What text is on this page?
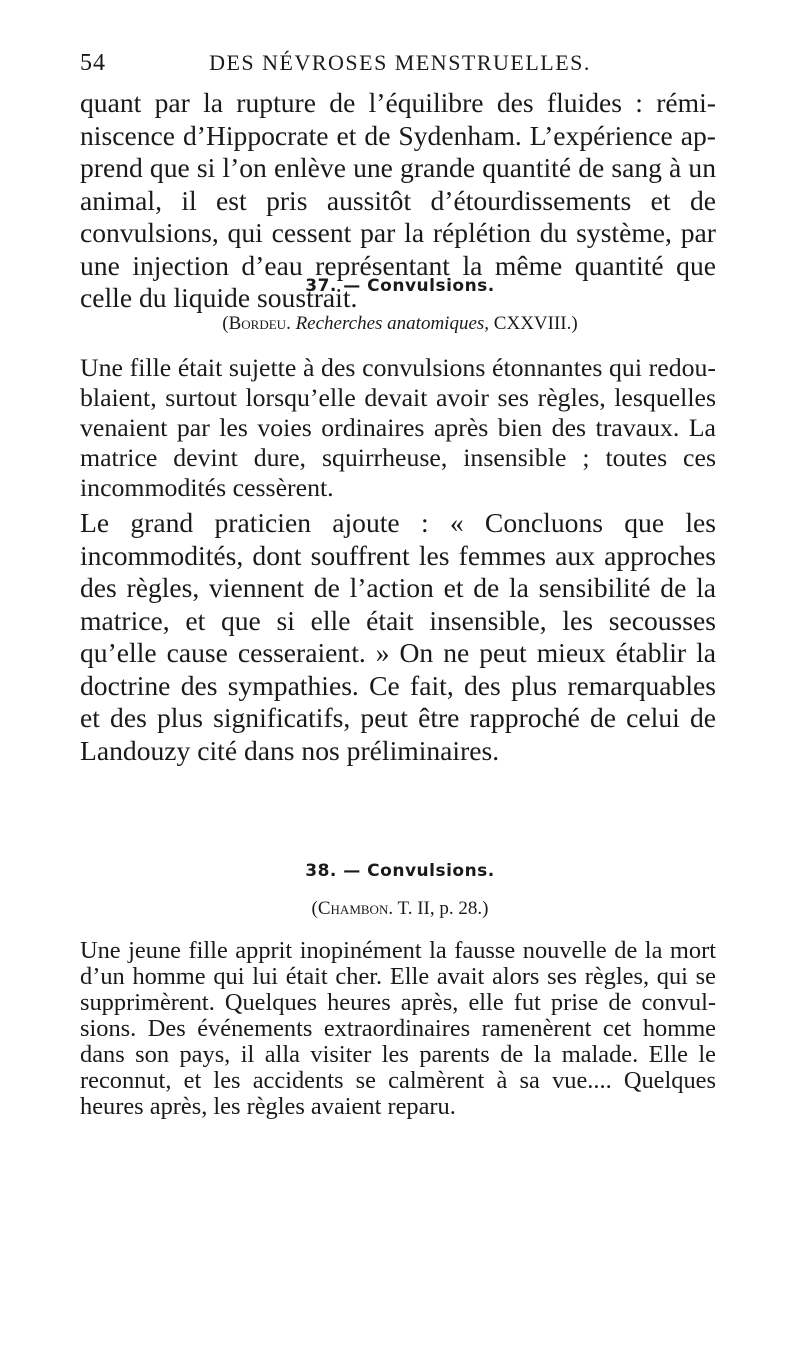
54	DES NÉVROSES MENSTRUELLES.

quant par la rupture de l’équilibre des fluides : réminiscence d’Hippocrate et de Sydenham. L’expérience apprend que si l’on enlève une grande quantité de sang à un animal, il est pris aussitôt d’étourdissements et de convulsions, qui cessent par la réplétion du système, par une injection d’eau représentant la même quantité que celle du liquide soustrait.

37. — Convulsions.
(Bordeu. Recherches anatomiques, CXXVIII.)

Une fille était sujette à des convulsions étonnantes qui redoublaient, surtout lorsqu’elle devait avoir ses règles, lesquelles venaient par les voies ordinaires après bien des travaux. La matrice devint dure, squirrheuse, insensible ; toutes ces incommodités cessèrent.

Le grand praticien ajoute : « Concluons que les incommodités, dont souffrent les femmes aux approches des règles, viennent de l’action et de la sensibilité de la matrice, et que si elle était insensible, les secousses qu’elle cause cesseraient. » On ne peut mieux établir la doctrine des sympathies. Ce fait, des plus remarquables et des plus significatifs, peut être rapproché de celui de Landouzy cité dans nos préliminaires.

38. — Convulsions.
(Chambon. T. II, p. 28.)

Une jeune fille apprit inopinément la fausse nouvelle de la mort d’un homme qui lui était cher. Elle avait alors ses règles, qui se supprimèrent. Quelques heures après, elle fut prise de convulsions. Des événements extraordinaires ramenèrent cet homme dans son pays, il alla visiter les parents de la malade. Elle le reconnut, et les accidents se calmèrent à sa vue.... Quelques heures après, les règles avaient reparu.
